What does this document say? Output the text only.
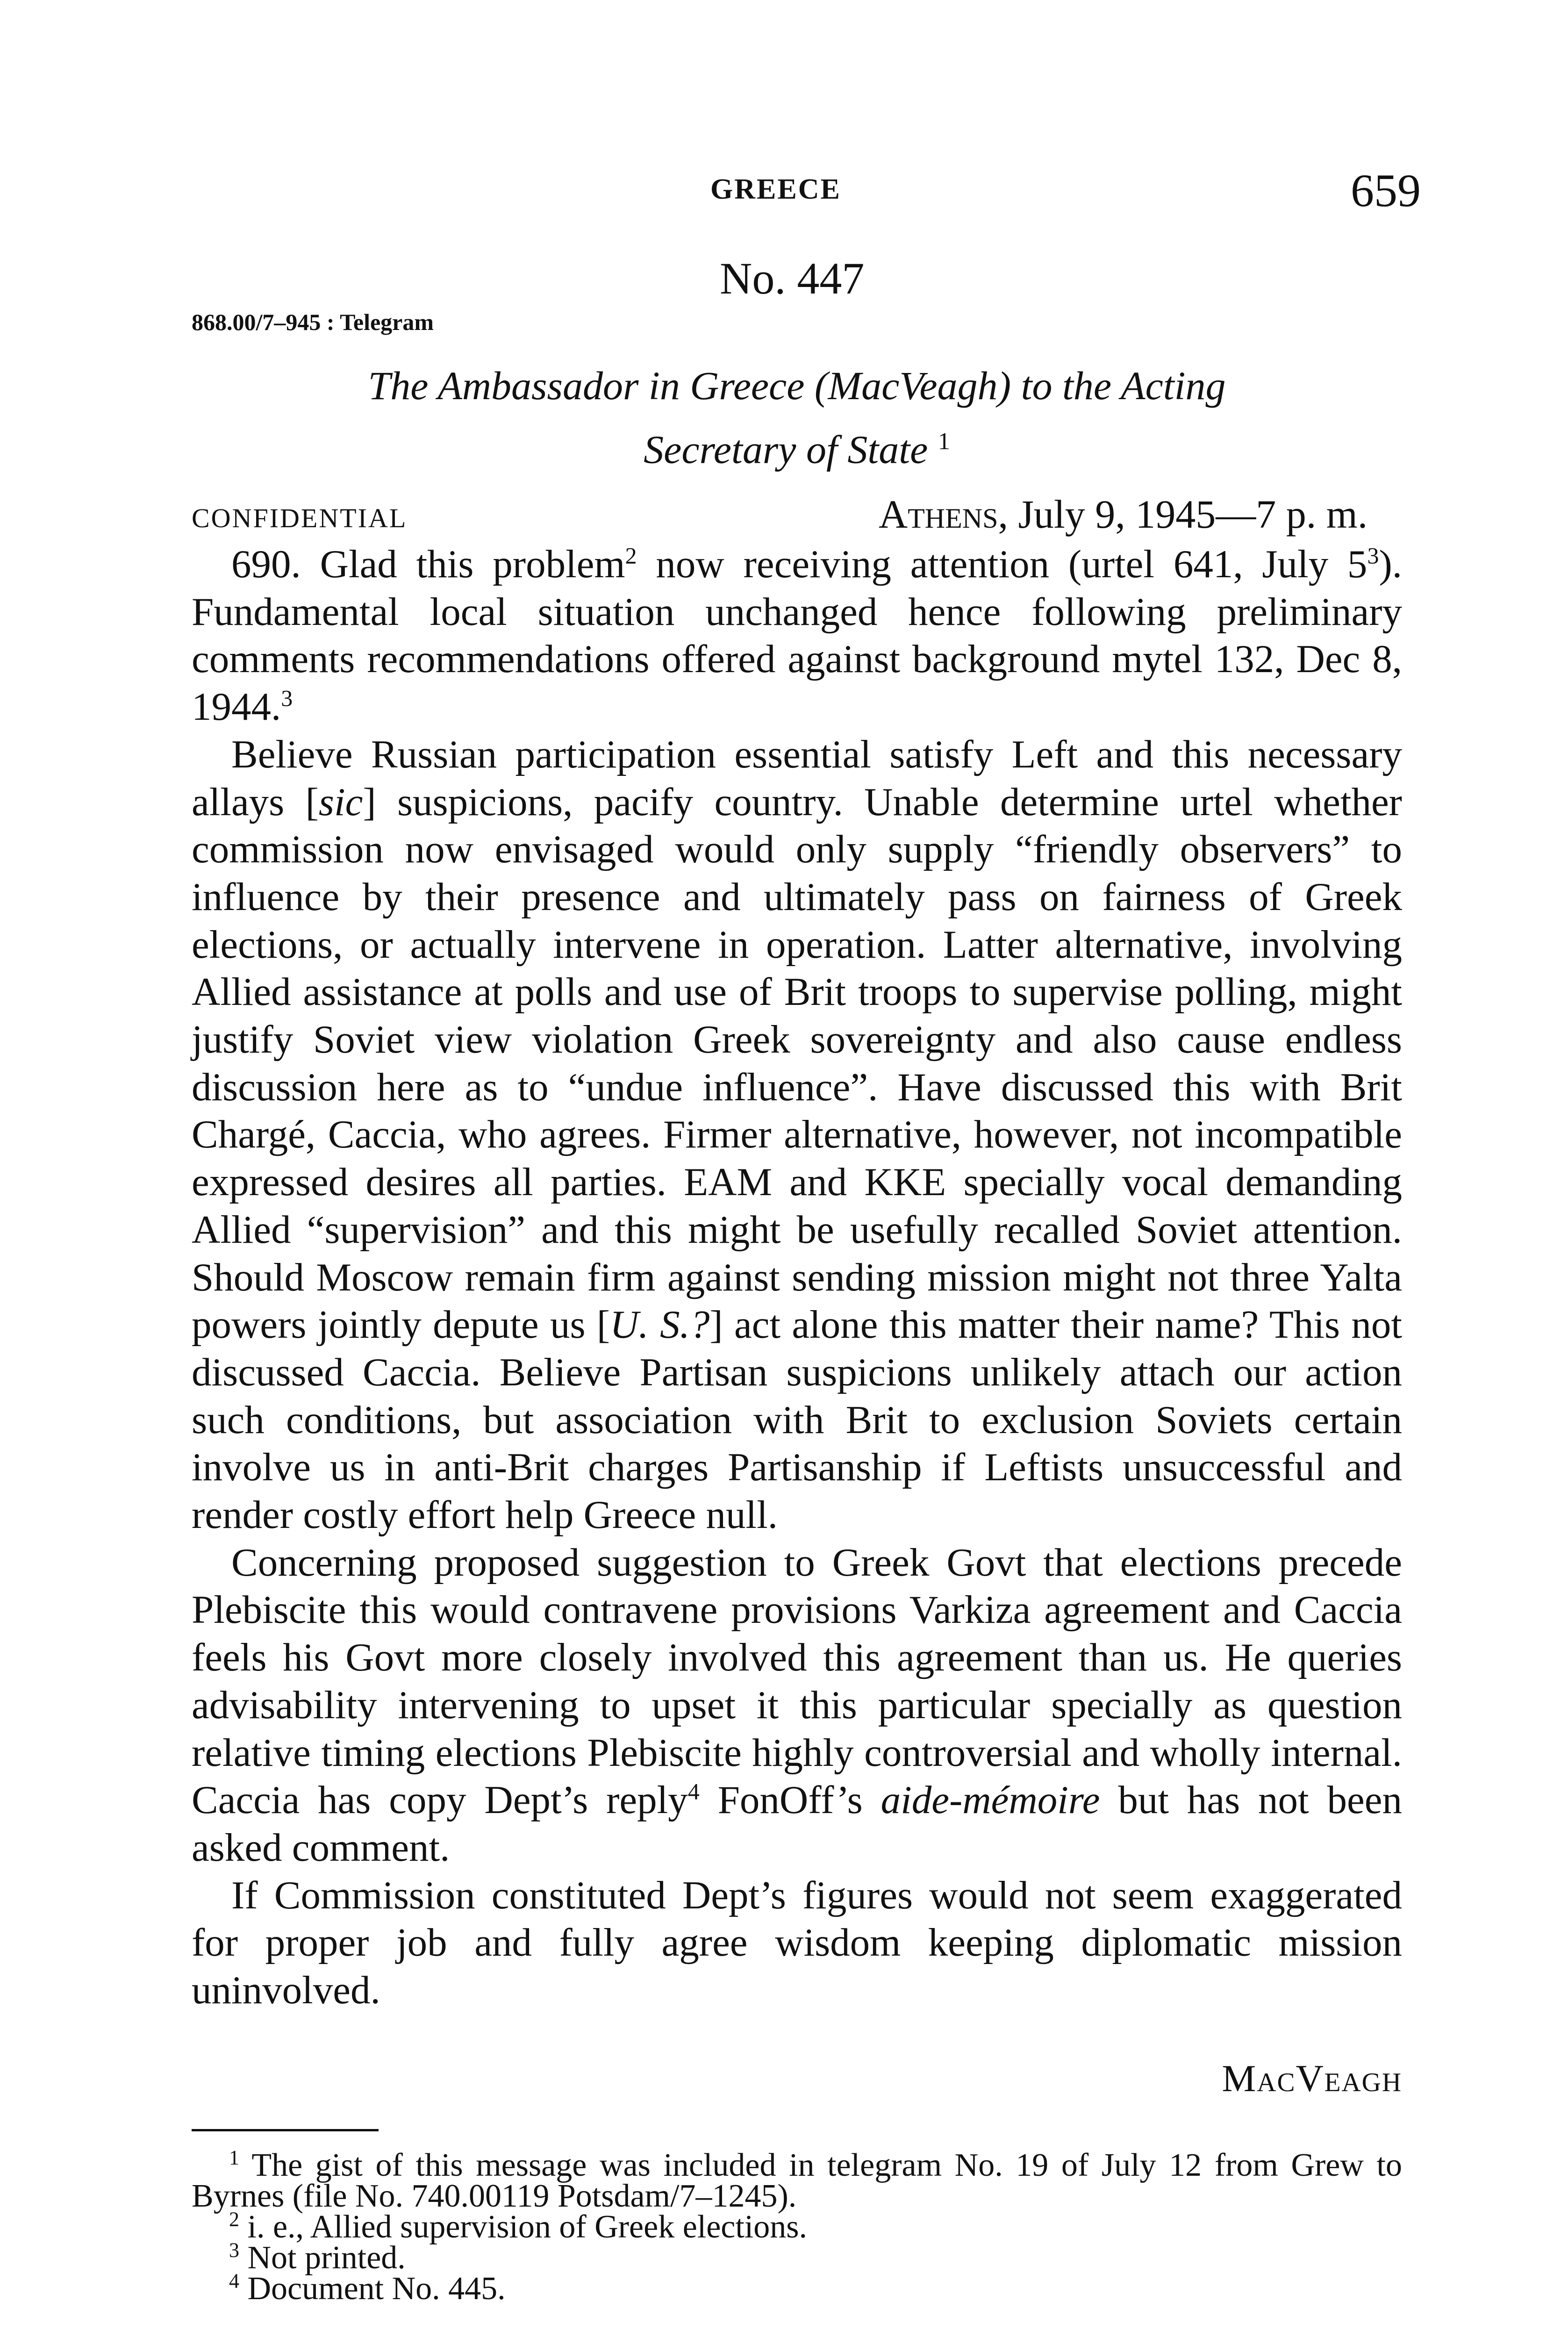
GREECE	659
No. 447
868.00/7–945 : Telegram
The Ambassador in Greece (MacVeagh) to the Acting
Secretary of State $^1$
CONFIDENTIAL	Athens, July 9, 1945—7 p. m.

690. Glad this problem$^2$ now receiving attention (urtel 641, July $5^3$). Fundamental local situation unchanged hence following preliminary comments recommendations offered against background mytel 132, Dec 8, 1944.$^3$

Believe Russian participation essential satisfy Left and this necessary allays [sic] suspicions, pacify country. Unable determine urtel whether commission now envisaged would only supply “friendly observers” to influence by their presence and ultimately pass on fairness of Greek elections, or actually intervene in operation. Latter alternative, involving Allied assistance at polls and use of Brit troops to supervise polling, might justify Soviet view violation Greek sovereignty and also cause endless discussion here as to “undue influence”. Have discussed this with Brit Chargé, Caccia, who agrees. Firmer alternative, however, not incompatible expressed desires all parties. EAM and KKE specially vocal demanding Allied “supervision” and this might be usefully recalled Soviet attention. Should Moscow remain firm against sending mission might not three Yalta powers jointly depute us [U. S.?] act alone this matter their name? This not discussed Caccia. Believe Partisan suspicions unlikely attach our action such conditions, but association with Brit to exclusion Soviets certain involve us in anti-Brit charges Partisanship if Leftists unsuccessful and render costly effort help Greece null.

Concerning proposed suggestion to Greek Govt that elections precede Plebiscite this would contravene provisions Varkiza agreement and Caccia feels his Govt more closely involved this agreement than us. He queries advisability intervening to upset it this particular specially as question relative timing elections Plebiscite highly controversial and wholly internal. Caccia has copy Dept’s reply$^4$ FonOff’s aide-mémoire but has not been asked comment.

If Commission constituted Dept’s figures would not seem exaggerated for proper job and fully agree wisdom keeping diplomatic mission uninvolved.

MacVeagh

$^1$ The gist of this message was included in telegram No. 19 of July 12 from Grew to Byrnes (file No. 740.00119 Potsdam/7–1245).

$^2$ i. e., Allied supervision of Greek elections.

$^3$ Not printed.

$^4$ Document No. 445.
